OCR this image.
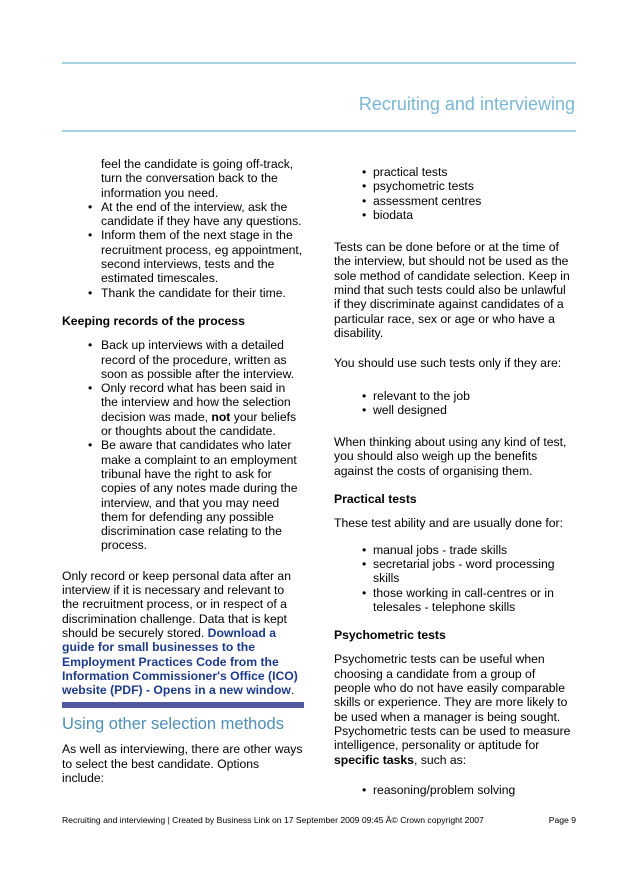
Recruiting and interviewing
feel the candidate is going off-track,
turn the conversation back to the
information you need.
• At the end of the interview, ask the
candidate if they have any questions.
• Inform them of the next stage in the
recruitment process, eg appointment,
second interviews, tests and the
estimated timescales.
• Thank the candidate for their time.

Keeping records of the process

• Back up interviews with a detailed
record of the procedure, written as
soon as possible after the interview.
• Only record what has been said in
the interview and how the selection
decision was made, not your beliefs
or thoughts about the candidate.
• Be aware that candidates who later
make a complaint to an employment
tribunal have the right to ask for
copies of any notes made during the
interview, and that you may need
them for defending any possible
discrimination case relating to the
process.

Only record or keep personal data after an
interview if it is necessary and relevant to
the recruitment process, or in respect of a
discrimination challenge. Data that is kept
should be securely stored. Download a
guide for small businesses to the
Employment Practices Code from the
Information Commissioner's Office (ICO)
website (PDF) - Opens in a new window.

Using other selection methods

As well as interviewing, there are other ways
to select the best candidate. Options
include:

• practical tests
• psychometric tests
• assessment centres
• biodata

Tests can be done before or at the time of
the interview, but should not be used as the
sole method of candidate selection. Keep in
mind that such tests could also be unlawful
if they discriminate against candidates of a
particular race, sex or age or who have a
disability.

You should use such tests only if they are:

• relevant to the job
• well designed

When thinking about using any kind of test,
you should also weigh up the benefits
against the costs of organising them.

Practical tests

These test ability and are usually done for:

• manual jobs - trade skills
• secretarial jobs - word processing
skills
• those working in call-centres or in
telesales - telephone skills

Psychometric tests

Psychometric tests can be useful when
choosing a candidate from a group of
people who do not have easily comparable
skills or experience. They are more likely to
be used when a manager is being sought.
Psychometric tests can be used to measure
intelligence, personality or aptitude for
specific tasks, such as:

• reasoning/problem solving
Recruiting and interviewing | Created by Business Link on 17 September 2009 09:45 Â© Crown copyright 2007	Page 9
